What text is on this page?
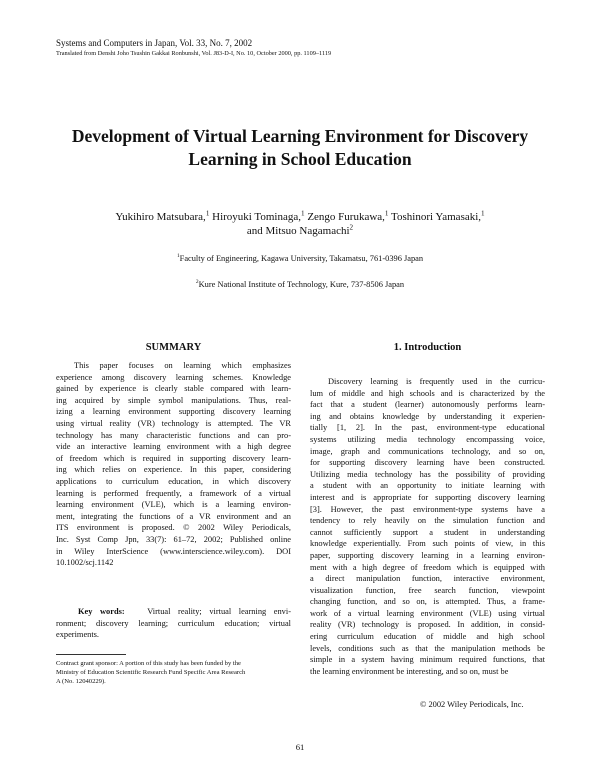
Systems and Computers in Japan, Vol. 33, No. 7, 2002
Translated from Denshi Joho Tsushin Gakkai Ronbunshi, Vol. J83-D-I, No. 10, October 2000, pp. 1109–1119
Development of Virtual Learning Environment for Discovery
Learning in School Education
Yukihiro Matsubara,$^1$ Hiroyuki Tominaga,$^1$ Zengo Furukawa,$^1$ Toshinori Yamasaki,$^1$
and Mitsuo Nagamachi$^2$
$^1$Faculty of Engineering, Kagawa University, Takamatsu, 761-0396 Japan
$^2$Kure National Institute of Technology, Kure, 737-8506 Japan
SUMMARY
This paper focuses on learning which emphasizes
experience among discovery learning schemes. Knowledge
gained by experience is clearly stable compared with learn-
ing acquired by simple symbol manipulations. Thus, real-
izing a learning environment supporting discovery learning
using virtual reality (VR) technology is attempted. The VR
technology has many characteristic functions and can pro-
vide an interactive learning environment with a high degree
of freedom which is required in supporting discovery learn-
ing which relies on experience. In this paper, considering
applications to curriculum education, in which discovery
learning is performed frequently, a framework of a virtual
learning environment (VLE), which is a learning environ-
ment, integrating the functions of a VR environment and an
ITS environment is proposed. © 2002 Wiley Periodicals,
Inc. Syst Comp Jpn, 33(7): 61–72, 2002; Published online
in Wiley InterScience (www.interscience.wiley.com). DOI
10.1002/scj.1142
Key words:	Virtual reality; virtual learning envi-
ronment; discovery learning; curriculum education; virtual
experiments.
Contract grant sponsor: A portion of this study has been funded by the
Ministry of Education Scientific Research Fund Specific Area Research
A (No. 12040229).
1. Introduction
Discovery learning is frequently used in the curricu-
lum of middle and high schools and is characterized by the
fact that a student (learner) autonomously performs learn-
ing and obtains knowledge by understanding it experien-
tially [1, 2]. In the past, environment-type educational
systems utilizing media technology encompassing voice,
image, graph and communications technology, and so on,
for supporting discovery learning have been constructed.
Utilizing media technology has the possibility of providing
a student with an opportunity to initiate learning with
interest and is appropriate for supporting discovery learning
[3]. However, the past environment-type systems have a
tendency to rely heavily on the simulation function and
cannot sufficiently support a student in understanding
knowledge experientially. From such points of view, in this
paper, supporting discovery learning in a learning environ-
ment with a high degree of freedom which is equipped with
a direct manipulation function, interactive environment,
visualization function, free search function, viewpoint
changing function, and so on, is attempted. Thus, a frame-
work of a virtual learning environment (VLE) using virtual
reality (VR) technology is proposed. In addition, in consid-
ering curriculum education of middle and high school
levels, conditions such as that the manipulation methods be
simple in a system having minimum required functions, that
the learning environment be interesting, and so on, must be
© 2002 Wiley Periodicals, Inc.
61
